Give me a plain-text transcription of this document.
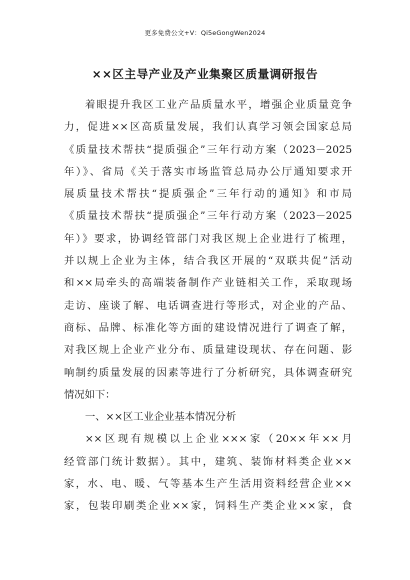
更多免费公文+V：Qi5eGongWen2024
××区主导产业及产业集聚区质量调研报告
着眼提升我区工业产品质量水平，增强企业质量竞争
力，促进××区高质量发展，我们认真学习领会国家总局
《质量技术帮扶“提质强企”三年行动方案（2023－2025
年）》、省局《关于落实市场监管总局办公厅通知要求开
展质量技术帮扶“提质强企”三年行动的通知》和市局
《质量技术帮扶“提质强企”三年行动方案（2023－2025
年）》要求，协调经管部门对我区规上企业进行了梳理，
并以规上企业为主体，结合我区开展的“双联共促”活动
和××局牵头的高端装备制作产业链相关工作，采取现场
走访、座谈了解、电话调查进行等形式，对企业的产品、
商标、品牌、标准化等方面的建设情况进行了调查了解，
对我区规上企业产业分布、质量建设现状、存在问题、影
响制约质量发展的因素等进行了分析研究，具体调查研究
情况如下：
一、××区工业企业基本情况分析
××区现有规模以上企业×××家（20××年××月
经管部门统计数据）。其中，建筑、装饰材料类企业××
家，水、电、暖、气等基本生产生活用资料经营企业××
家，包装印刷类企业××家，饲料生产类企业××家，食
